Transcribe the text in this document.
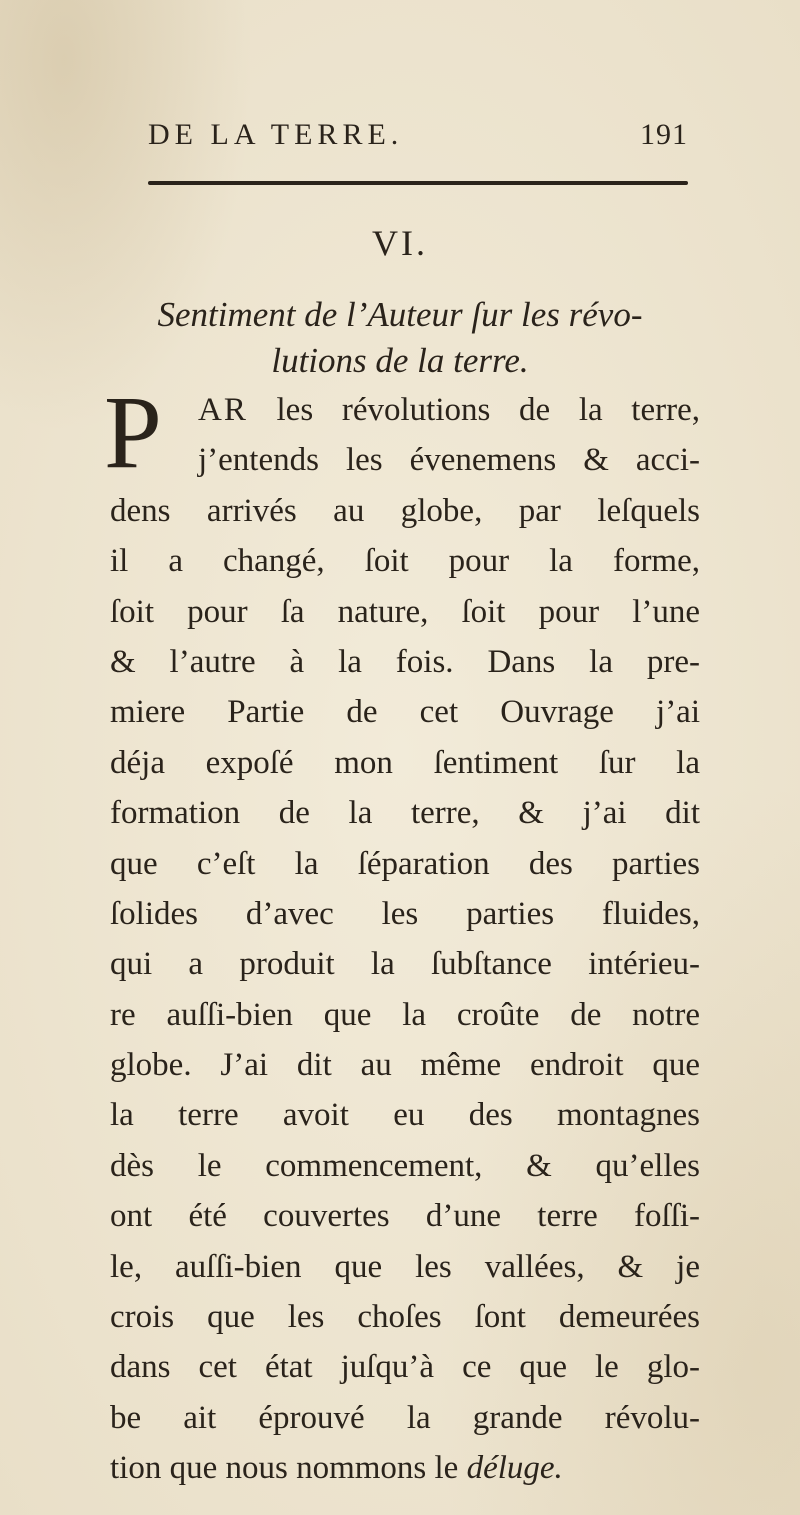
DE LA TERRE.	191
VI.
Sentiment de l’Auteur ſur les révo-
lutions de la terre.
P	AR les révolutions de la terre,
j’entends les évenemens & acci-
dens arrivés au globe, par leſquels
il a changé, ſoit pour la forme,
ſoit pour ſa nature, ſoit pour l’une
& l’autre à la fois. Dans la pre-
miere Partie de cet Ouvrage j’ai
déja expoſé mon ſentiment ſur la
formation de la terre, & j’ai dit
que c’eſt la ſéparation des parties
ſolides d’avec les parties fluides,
qui a produit la ſubſtance intérieu-
re auſſi-bien que la croûte de notre
globe. J’ai dit au même endroit que
la terre avoit eu des montagnes
dès le commencement, & qu’elles
ont été couvertes d’une terre foſſi-
le, auſſi-bien que les vallées, & je
crois que les choſes ſont demeurées
dans cet état juſqu’à ce que le glo-
be ait éprouvé la grande révolu-
tion que nous nommons le déluge.
